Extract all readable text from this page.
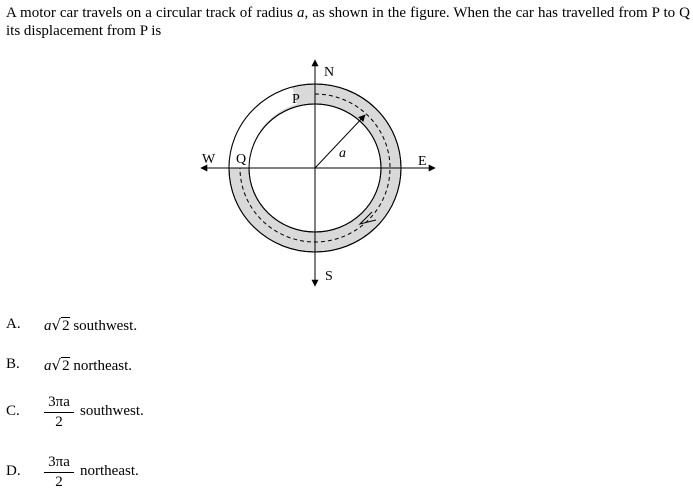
A motor car travels on a circular track of radius a, as shown in the figure. When the car has travelled from P to Q its displacement from P is
N
S
E
W
P
Q	a
A.	a√2 southwest.
B.	a√2 northeast.
C.	$\frac{3\pi a}{2}$ southwest.
D.	$\frac{3\pi a}{2}$ northeast.
